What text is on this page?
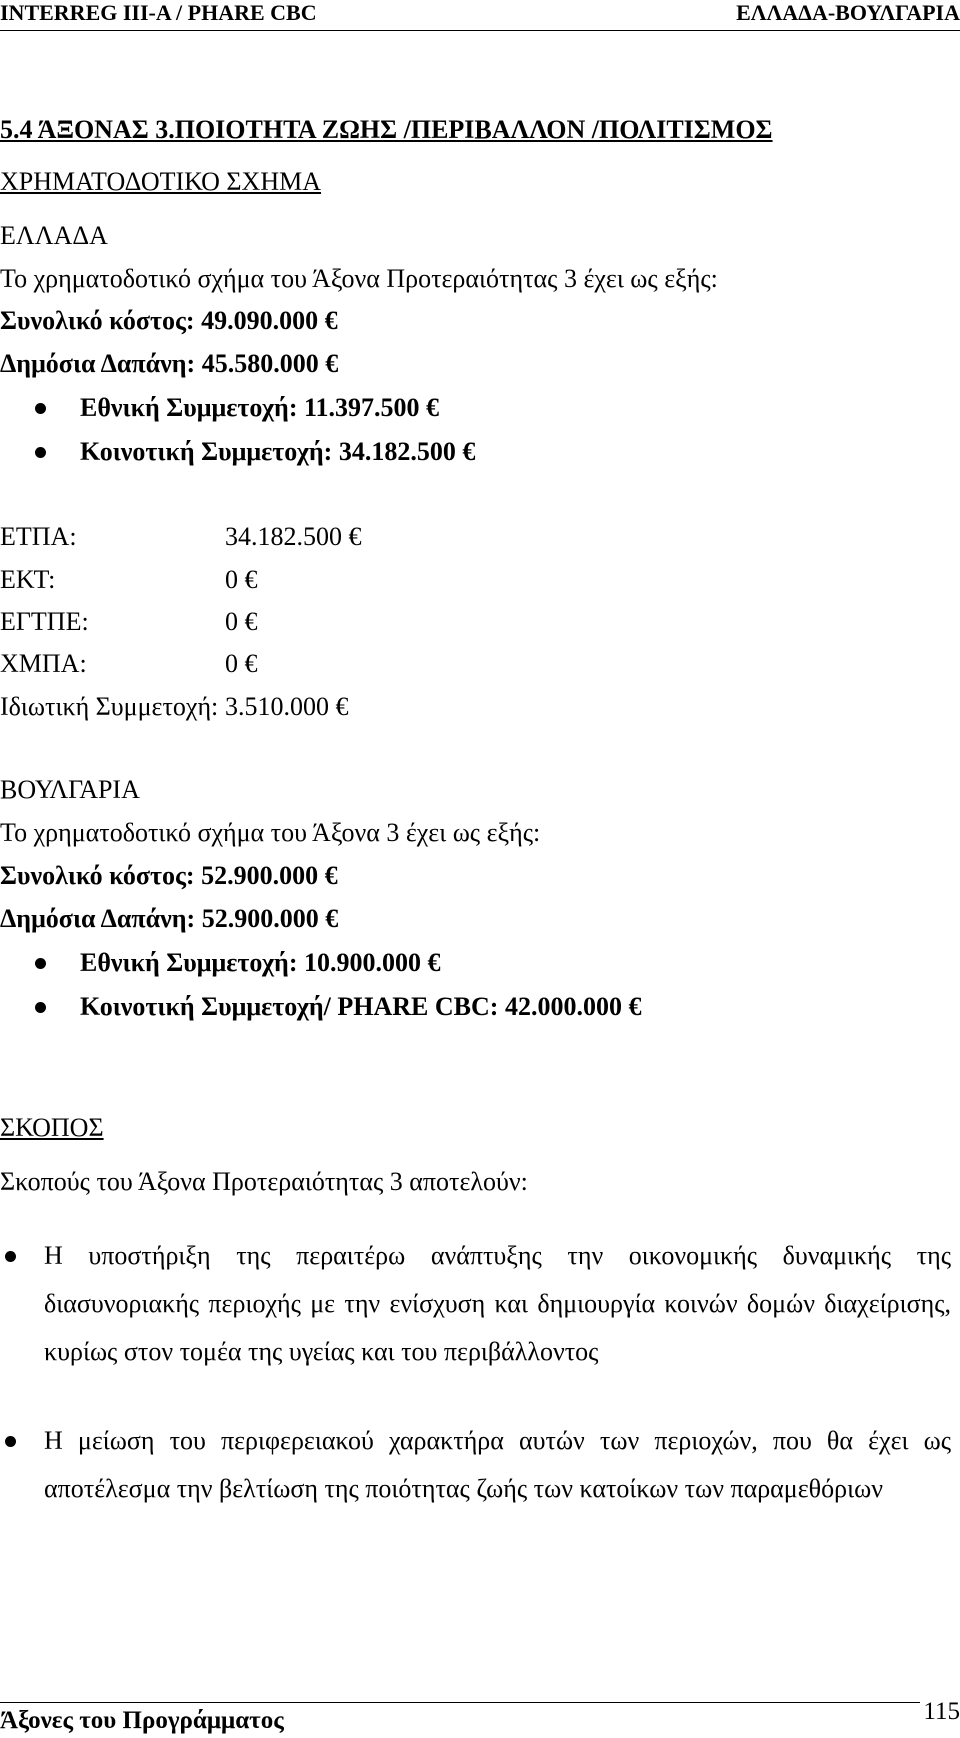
INTERREG III-A / PHARE CBC	ΕΛΛΑΔΑ-ΒΟΥΛΓΑΡΙΑ
5.4 ΆΞΟΝΑΣ 3.ΠΟΙΟΤΗΤΑ ΖΩΗΣ /ΠΕΡΙΒΑΛΛΟΝ /ΠΟΛΙΤΙΣΜΟΣ
ΧΡΗΜΑΤΟΔΟΤΙΚΟ ΣΧΗΜΑ
ΕΛΛΑΔΑ
Το χρηματοδοτικό σχήμα του Άξονα Προτεραιότητας 3 έχει ως εξής:
Συνολικό κόστος: 49.090.000 €
Δημόσια Δαπάνη: 45.580.000 €
Εθνική Συμμετοχή: 11.397.500 €
Κοινοτική Συμμετοχή: 34.182.500 €
ΕΤΠΑ:	34.182.500 €
ΕΚΤ:	0 €
ΕΓΤΠΕ:	0 €
ΧΜΠΑ:	0 €
Ιδιωτική Συμμετοχή: 3.510.000 €
ΒΟΥΛΓΑΡΙΑ
Το χρηματοδοτικό σχήμα του Άξονα 3 έχει ως εξής:
Συνολικό κόστος: 52.900.000 €
Δημόσια Δαπάνη: 52.900.000 €
Εθνική Συμμετοχή: 10.900.000 €
Κοινοτική Συμμετοχή/ PHARE CBC: 42.000.000 €
ΣΚΟΠΟΣ
Σκοπούς του Άξονα Προτεραιότητας 3 αποτελούν:
Η υποστήριξη της περαιτέρω ανάπτυξης την οικονομικής δυναμικής της διασυνοριακής περιοχής με την ενίσχυση και δημιουργία κοινών δομών διαχείρισης, κυρίως στον τομέα της υγείας και του περιβάλλοντος
Η μείωση του περιφερειακού χαρακτήρα αυτών των περιοχών, που θα έχει ως αποτέλεσμα την βελτίωση της ποιότητας ζωής των κατοίκων των παραμεθόριων
Άξονες του Προγράμματος	115
